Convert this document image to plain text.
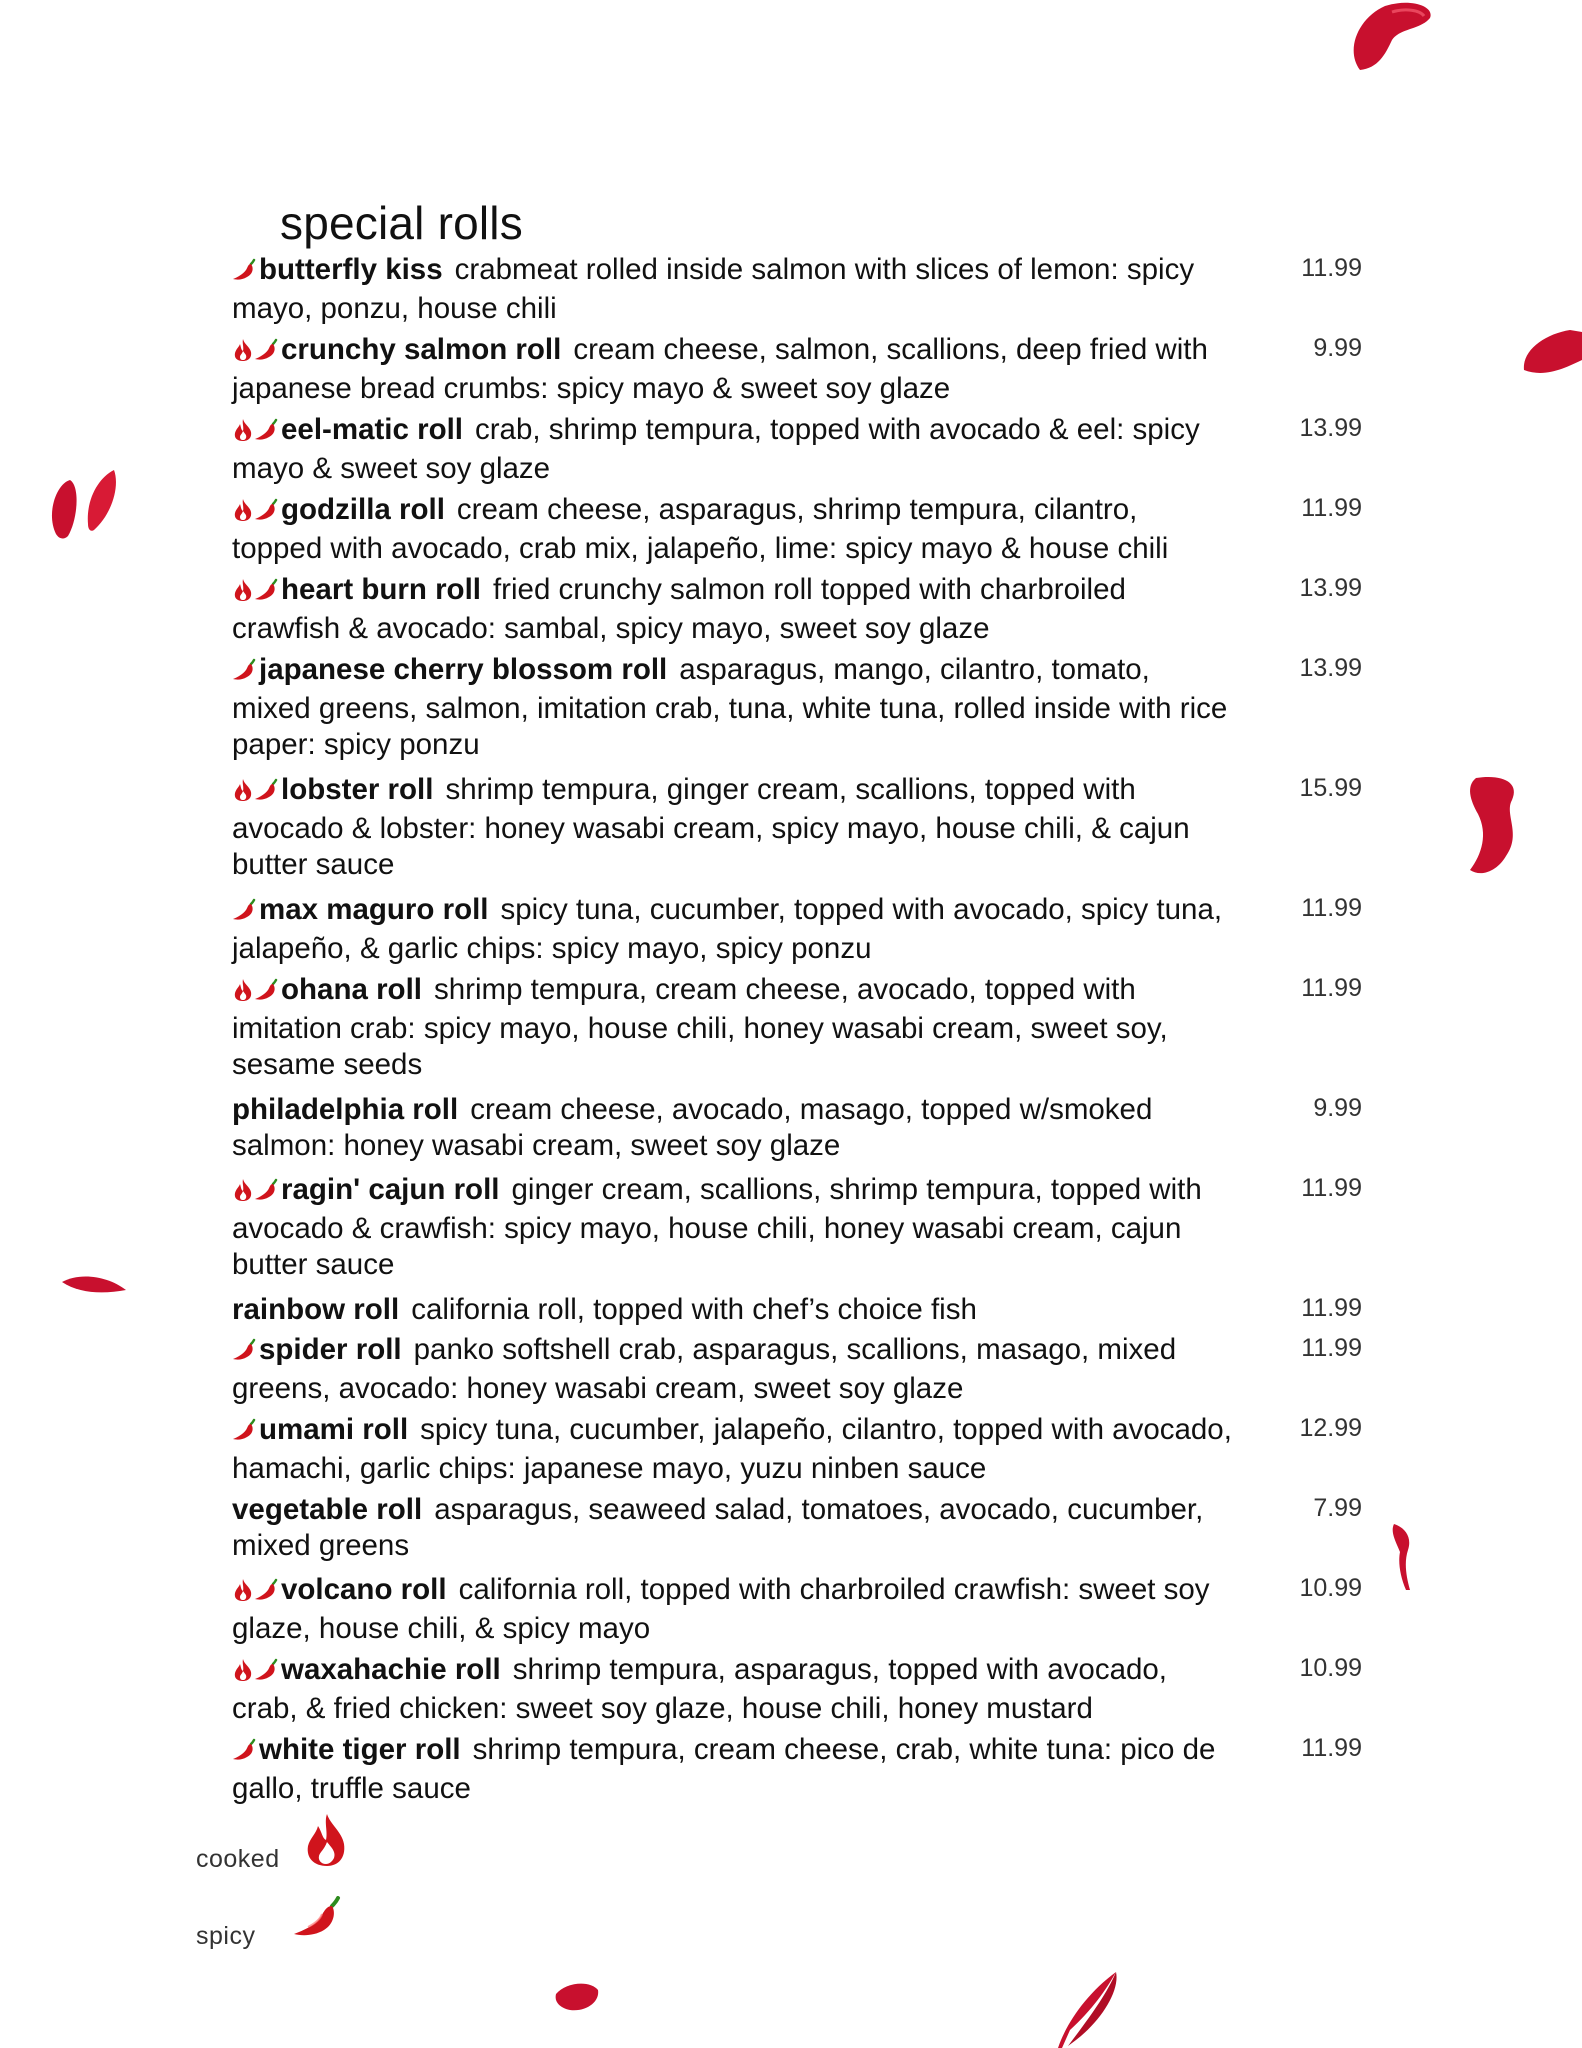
special rolls
butterfly kiss crabmeat rolled inside salmon with slices of lemon: spicy mayo, ponzu, house chili
11.99
crunchy salmon roll cream cheese, salmon, scallions, deep fried with japanese bread crumbs: spicy mayo & sweet soy glaze
9.99
eel-matic roll crab, shrimp tempura, topped with avocado & eel: spicy mayo & sweet soy glaze
13.99
godzilla roll cream cheese, asparagus, shrimp tempura, cilantro, topped with avocado, crab mix, jalapeño, lime: spicy mayo & house chili
11.99
heart burn roll fried crunchy salmon roll topped with charbroiled crawfish & avocado: sambal, spicy mayo, sweet soy glaze
13.99
japanese cherry blossom roll asparagus, mango, cilantro, tomato, mixed greens, salmon, imitation crab, tuna, white tuna, rolled inside with rice paper: spicy ponzu
13.99
lobster roll shrimp tempura, ginger cream, scallions, topped with avocado & lobster: honey wasabi cream, spicy mayo, house chili, & cajun butter sauce
15.99
max maguro roll spicy tuna, cucumber, topped with avocado, spicy tuna, jalapeño, & garlic chips: spicy mayo, spicy ponzu
11.99
ohana roll shrimp tempura, cream cheese, avocado, topped with imitation crab: spicy mayo, house chili, honey wasabi cream, sweet soy, sesame seeds
11.99
philadelphia roll cream cheese, avocado, masago, topped w/smoked salmon: honey wasabi cream, sweet soy glaze
9.99
ragin' cajun roll ginger cream, scallions, shrimp tempura, topped with avocado & crawfish: spicy mayo, house chili, honey wasabi cream, cajun butter sauce
11.99
rainbow roll california roll, topped with chef’s choice fish	11.99
spider roll panko softshell crab, asparagus, scallions, masago, mixed greens, avocado: honey wasabi cream, sweet soy glaze
11.99
umami roll spicy tuna, cucumber, jalapeño, cilantro, topped with avocado, hamachi, garlic chips: japanese mayo, yuzu ninben sauce
12.99
vegetable roll asparagus, seaweed salad, tomatoes, avocado, cucumber, mixed greens
7.99
volcano roll california roll, topped with charbroiled crawfish: sweet soy glaze, house chili, & spicy mayo
10.99
waxahachie roll shrimp tempura, asparagus, topped with avocado, crab, & fried chicken: sweet soy glaze, house chili, honey mustard
10.99
white tiger roll shrimp tempura, cream cheese, crab, white tuna: pico de gallo, truffle sauce
11.99
cooked
spicy
